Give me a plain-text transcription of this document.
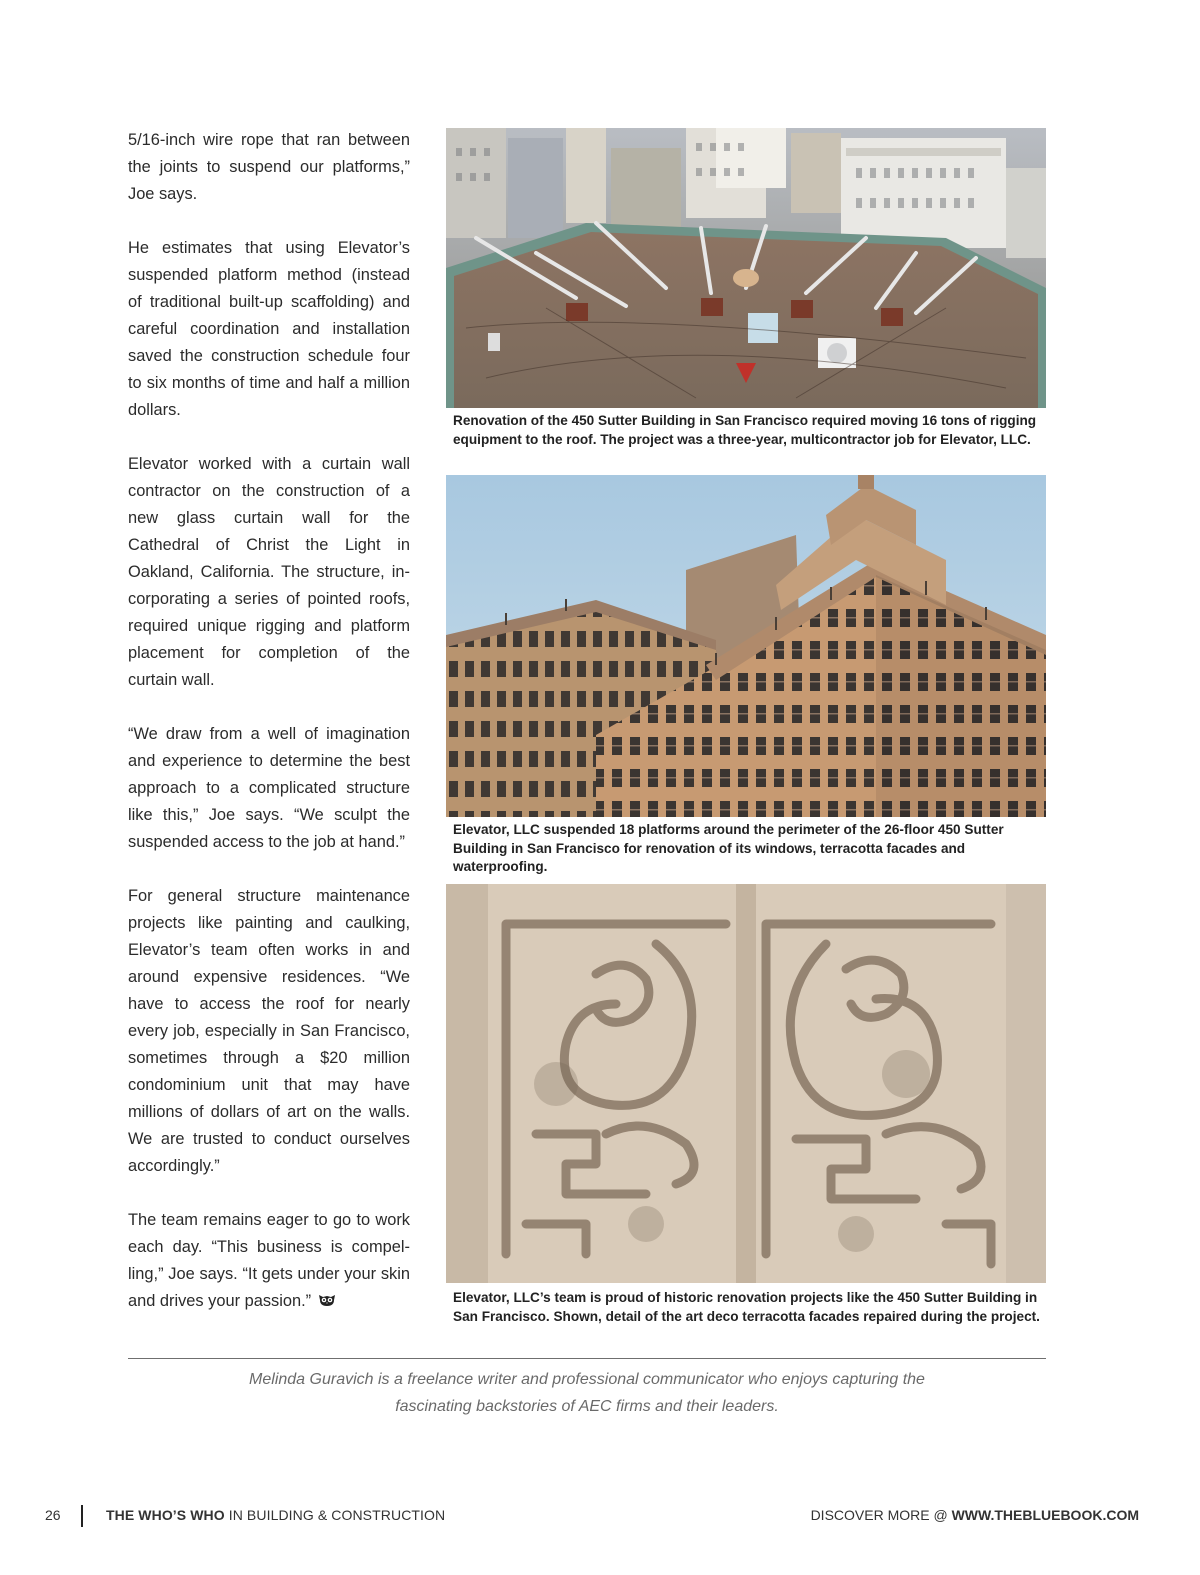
5/16-inch wire rope that ran between the joints to suspend our platforms,” Joe says.

He estimates that using Elevator’s suspended platform method (instead of traditional built-up scaffolding) and careful coordination and installation saved the construction schedule four to six months of time and half a million dollars.

Elevator worked with a curtain wall contractor on the construction of a new glass curtain wall for the Cathedral of Christ the Light in Oakland, California. The structure, incorporating a series of pointed roofs, required unique rigging and platform placement for completion of the curtain wall.

“We draw from a well of imagination and experience to determine the best approach to a complicated structure like this,” Joe says. “We sculpt the suspended access to the job at hand.”

For general structure maintenance projects like painting and caulking, Elevator’s team often works in and around expensive residences. “We have to access the roof for nearly every job, especially in San Francisco, sometimes through a $20 million condominium unit that may have millions of dollars of art on the walls. We are trusted to conduct ourselves accordingly.”

The team remains eager to go to work each day. “This business is compelling,” Joe says. “It gets under your skin and drives your passion.”

Renovation of the 450 Sutter Building in San Francisco required moving 16 tons of rigging equipment to the roof. The project was a three-year, multicontractor job for Elevator, LLC.

Elevator, LLC suspended 18 platforms around the perimeter of the 26-floor 450 Sutter Building in San Francisco for renovation of its windows, terracotta facades and waterproofing.

Elevator, LLC’s team is proud of historic renovation projects like the 450 Sutter Building in San Francisco. Shown, detail of the art deco terracotta facades repaired during the project.

Melinda Guravich is a freelance writer and professional communicator who enjoys capturing the fascinating backstories of AEC firms and their leaders.
26	THE WHO’S WHO IN BUILDING & CONSTRUCTION	DISCOVER MORE @ WWW.THEBLUEBOOK.COM
